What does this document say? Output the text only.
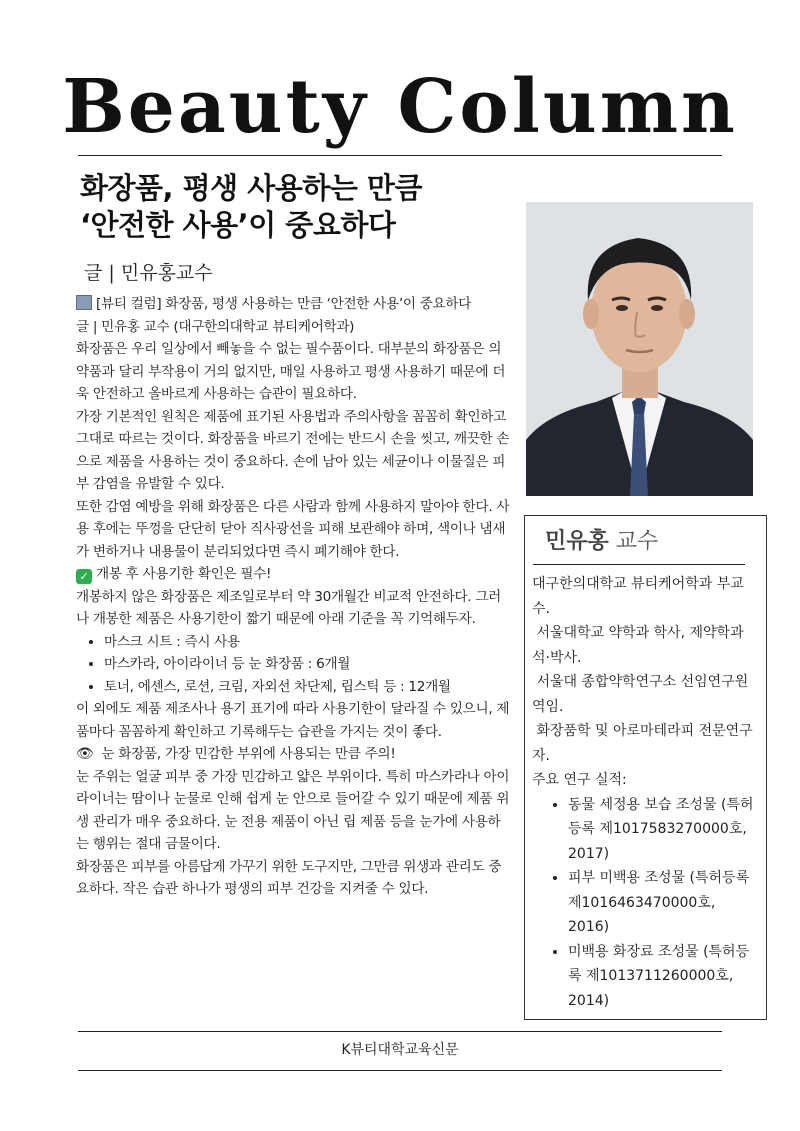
Beauty Column
화장품, 평생 사용하는 만큼
‘안전한 사용’이 중요하다
글 | 민유홍교수

[뷰티 컬럼] 화장품, 평생 사용하는 만큼 ‘안전한 사용’이 중요하다

글 | 민유홍 교수 (대구한의대학교 뷰티케어학과)

화장품은 우리 일상에서 빼놓을 수 없는 필수품이다. 대부분의 화장품은 의약품과 달리 부작용이 거의 없지만, 매일 사용하고 평생 사용하기 때문에 더욱 안전하고 올바르게 사용하는 습관이 필요하다.

가장 기본적인 원칙은 제품에 표기된 사용법과 주의사항을 꼼꼼히 확인하고 그대로 따르는 것이다. 화장품을 바르기 전에는 반드시 손을 씻고, 깨끗한 손으로 제품을 사용하는 것이 중요하다. 손에 남아 있는 세균이나 이물질은 피부 감염을 유발할 수 있다.

또한 감염 예방을 위해 화장품은 다른 사람과 함께 사용하지 말아야 한다. 사용 후에는 뚜껑을 단단히 닫아 직사광선을 피해 보관해야 하며, 색이나 냄새가 변하거나 내용물이 분리되었다면 즉시 폐기해야 한다.

✓ 개봉 후 사용기한 확인은 필수!

개봉하지 않은 화장품은 제조일로부터 약 30개월간 비교적 안전하다. 그러나 개봉한 제품은 사용기한이 짧기 때문에 아래 기준을 꼭 기억해두자.

• 마스크 시트 : 즉시 사용
• 마스카라, 아이라이너 등 눈 화장품 : 6개월
• 토너, 에센스, 로션, 크림, 자외선 차단제, 립스틱 등 : 12개월

이 외에도 제품 제조사나 용기 표기에 따라 사용기한이 달라질 수 있으니, 제품마다 꼼꼼하게 확인하고 기록해두는 습관을 가지는 것이 좋다.

👁 눈 화장품, 가장 민감한 부위에 사용되는 만큼 주의!

눈 주위는 얼굴 피부 중 가장 민감하고 얇은 부위이다. 특히 마스카라나 아이라이너는 땀이나 눈물로 인해 쉽게 눈 안으로 들어갈 수 있기 때문에 제품 위생 관리가 매우 중요하다. 눈 전용 제품이 아닌 립 제품 등을 눈가에 사용하는 행위는 절대 금물이다.

화장품은 피부를 아름답게 가꾸기 위한 도구지만, 그만큼 위생과 관리도 중요하다. 작은 습관 하나가 평생의 피부 건강을 지켜줄 수 있다.

민유홍 교수

대구한의대학교 뷰티케어학과 부교수.

서울대학교 약학과 학사, 제약학과 석·박사.

서울대 종합약학연구소 선임연구원 역임.

화장품학 및 아로마테라피 전문연구자.

주요 연구 실적:

• 동물 세정용 보습 조성물 (특허등록 제1017583270000호, 2017)
• 피부 미백용 조성물 (특허등록 제1016463470000호, 2016)
• 미백용 화장료 조성물 (특허등록 제1013711260000호, 2014)
K뷰티대학교육신문
